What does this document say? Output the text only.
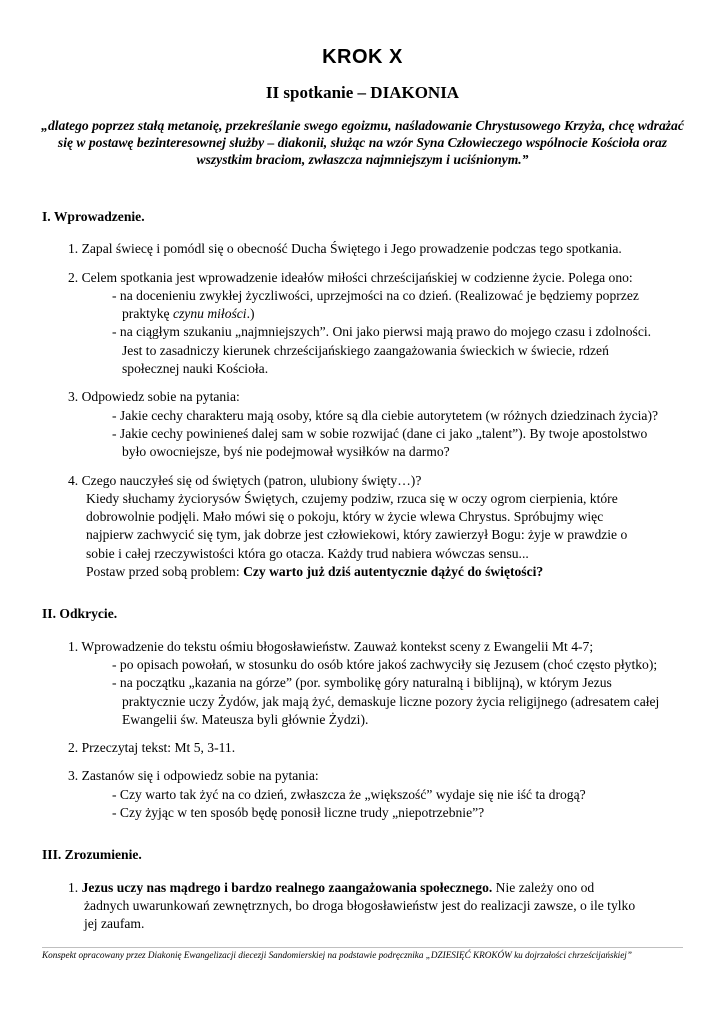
KROK X
II spotkanie – DIAKONIA
„dlatego poprzez stałą metanoię, przekreślanie swego egoizmu, naśladowanie Chrystusowego Krzyża, chcę wdrażać się w postawę bezinteresownej służby – diakonii, służąc na wzór Syna Człowieczego wspólnocie Kościoła oraz wszystkim braciom, zwłaszcza najmniejszym i uciśnionym.”
I. Wprowadzenie.
1. Zapal świecę i pomódl się o obecność Ducha Świętego i Jego prowadzenie podczas tego spotkania.
2. Celem spotkania jest wprowadzenie ideałów miłości chrześcijańskiej w codzienne życie. Polega ono:
- na docenieniu zwykłej życzliwości, uprzejmości na co dzień. (Realizować je będziemy poprzez
praktykę czynu miłości.)
- na ciągłym szukaniu „najmniejszych”. Oni jako pierwsi mają prawo do mojego czasu i zdolności.
Jest to zasadniczy kierunek chrześcijańskiego zaangażowania świeckich w świecie, rdzeń
społecznej nauki Kościoła.
3. Odpowiedz sobie na pytania:
- Jakie cechy charakteru mają osoby, które są dla ciebie autorytetem (w różnych dziedzinach życia)?
- Jakie cechy powinieneś dalej sam w sobie rozwijać (dane ci jako „talent”). By twoje apostolstwo
było owocniejsze, byś nie podejmował wysiłków na darmo?
4. Czego nauczyłeś się od świętych (patron, ulubiony święty…)?
Kiedy słuchamy życiorysów Świętych, czujemy podziw, rzuca się w oczy ogrom cierpienia, które
dobrowolnie podjęli. Mało mówi się o pokoju, który w życie wlewa Chrystus. Spróbujmy więc
najpierw zachwycić się tym, jak dobrze jest człowiekowi, który zawierzył Bogu: żyje w prawdzie o
sobie i całej rzeczywistości która go otacza. Każdy trud nabiera wówczas sensu...
Postaw przed sobą problem: Czy warto już dziś autentycznie dążyć do świętości?
II. Odkrycie.
1. Wprowadzenie do tekstu ośmiu błogosławieństw. Zauważ kontekst sceny z Ewangelii Mt 4-7;
- po opisach powołań, w stosunku do osób które jakoś zachwyciły się Jezusem (choć często płytko);
- na początku „kazania na górze” (por. symbolikę góry naturalną i biblijną), w którym Jezus
praktycznie uczy Żydów, jak mają żyć, demaskuje liczne pozory życia religijnego (adresatem całej
Ewangelii św. Mateusza byli głównie Żydzi).
2. Przeczytaj tekst: Mt 5, 3-11.
3. Zastanów się i odpowiedz sobie na pytania:
- Czy warto tak żyć na co dzień, zwłaszcza że „większość” wydaje się nie iść ta drogą?
- Czy żyjąc w ten sposób będę ponosił liczne trudy „niepotrzebnie”?
III. Zrozumienie.
1. Jezus uczy nas mądrego i bardzo realnego zaangażowania społecznego. Nie zależy ono od
żadnych uwarunkowań zewnętrznych, bo droga błogosławieństw jest do realizacji zawsze, o ile tylko
jej zaufam.
Konspekt opracowany przez Diakonię Ewangelizacji diecezji Sandomierskiej na podstawie podręcznika „DZIESIĘĆ KROKÓW ku dojrzałości chrześcijańskiej”
